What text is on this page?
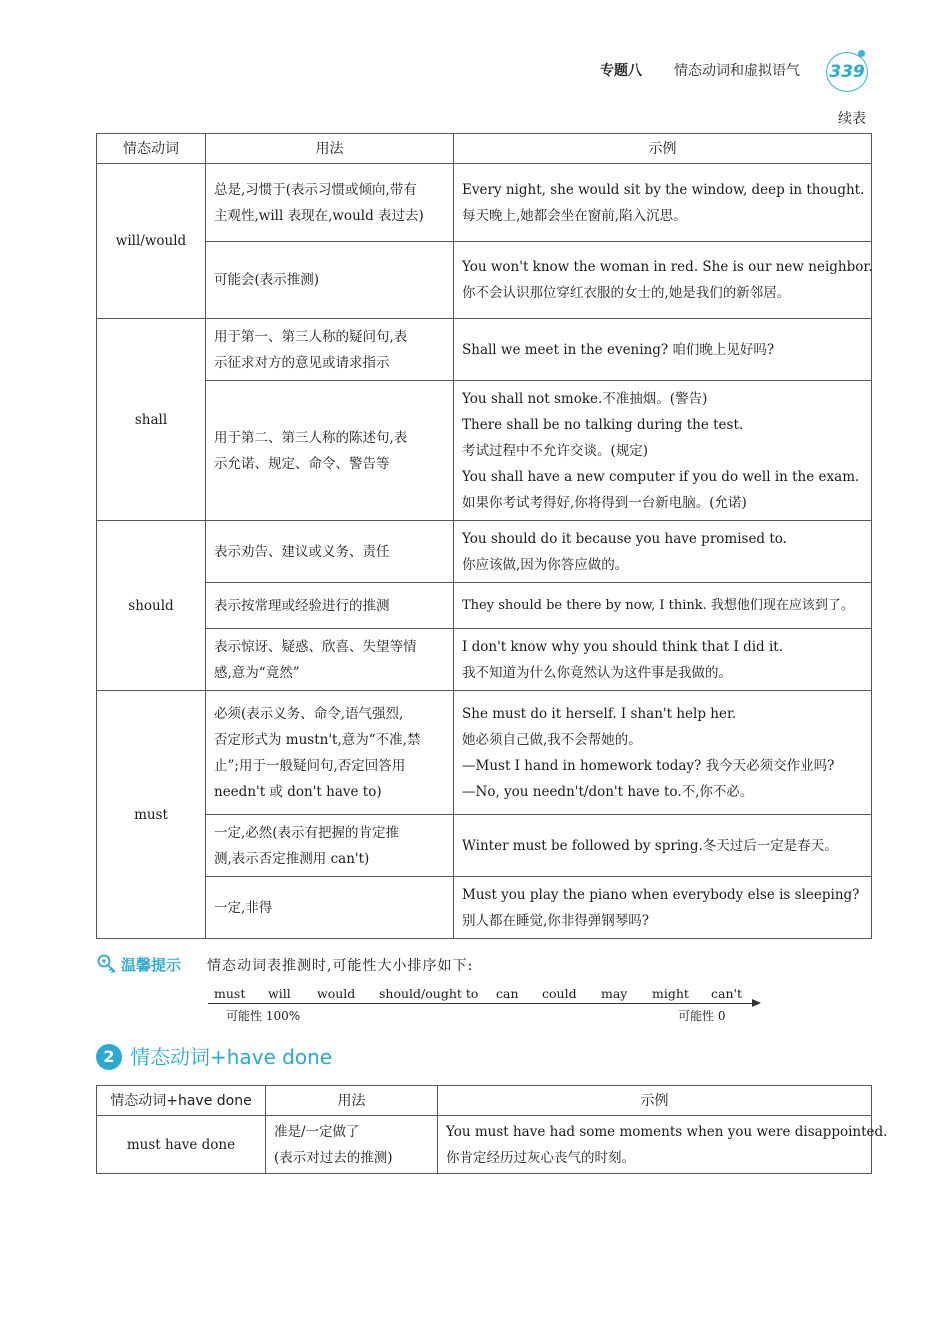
专题八 情态动词和虚拟语气 339
续表
情态动词	用法	示例
will/would	总是,习惯于(表示习惯或倾向,带有
主观性,will 表现在,would 表过去)	Every night, she would sit by the window, deep in thought.
每天晚上,她都会坐在窗前,陷入沉思。

	可能会(表示推测)	You won't know the woman in red. She is our new neighbor.
你不会认识那位穿红衣服的女士的,她是我们的新邻居。

shall	用于第一、第三人称的疑问句,表
示征求对方的意见或请求指示	Shall we meet in the evening? 咱们晚上见好吗?

	用于第二、第三人称的陈述句,表
示允诺、规定、命令、警告等	You shall not smoke.不准抽烟。(警告)
There shall be no talking during the test.
考试过程中不允许交谈。(规定)
You shall have a new computer if you do well in the exam.
如果你考试考得好,你将得到一台新电脑。(允诺)

should	表示劝告、建议或义务、责任	You should do it because you have promised to.
你应该做,因为你答应做的。

	表示按常理或经验进行的推测	They should be there by now, I think. 我想他们现在应该到了。

	表示惊讶、疑惑、欣喜、失望等情
感,意为“竟然”	I don't know why you should think that I did it.
我不知道为什么你竟然认为这件事是我做的。

must	必须(表示义务、命令,语气强烈,
否定形式为 mustn't,意为“不准,禁
止”;用于一般疑问句,否定回答用
needn't 或 don't have to)	She must do it herself. I shan't help her.
她必须自己做,我不会帮她的。
—Must I hand in homework today? 我今天必须交作业吗?
—No, you needn't/don't have to.不,你不必。

	一定,必然(表示有把握的肯定推
测,表示否定推测用 can't)	Winter must be followed by spring.冬天过后一定是春天。

	一定,非得	Must you play the piano when everybody else is sleeping?
别人都在睡觉,你非得弹钢琴吗?
温馨提示 情态动词表推测时,可能性大小排序如下:
must will would should/ought to can could may might can't
可能性 100%	可能性 0
2 情态动词+have done
情态动词+have done	用法	示例
must have done	准是/一定做了
(表示对过去的推测)	You must have had some moments when you were disappointed.
你肯定经历过灰心丧气的时刻。
